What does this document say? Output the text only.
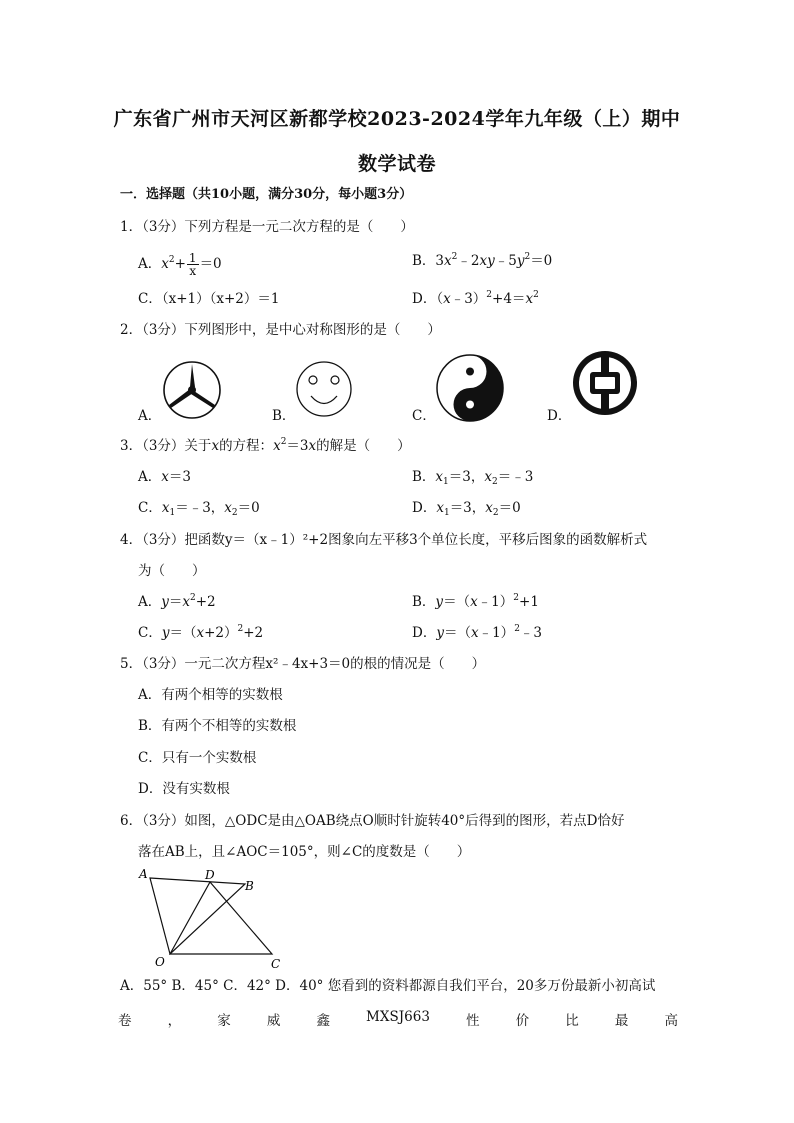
广东省广州市天河区新都学校2023-2024学年九年级（上）期中
数学试卷
一．选择题（共10小题，满分30分，每小题3分）
1．（3分）下列方程是一元二次方程的是（　　）
A．$x^2+ \frac{1}{x} =0$	B．$3x^2﹣2xy﹣5y^2=0$
C．（x+1）（x+2）＝1	D．$(x﹣3)^2+4=x^2$
2．（3分）下列图形中，是中心对称图形的是（　　）
A．	B．	C．	D．
3．（3分）关于x的方程：$x^2=3x$的解是（　　）
A．x＝3	B．$x_1=3$，$x_2=﹣3$
C．$x_1=﹣3$，$x_2=0$	D．$x_1=3$，$x_2=0$
4．（3分）把函数y＝（x﹣1）²+2图象向左平移3个单位长度，平移后图象的函数解析式
为（　　）
A．$y=x^2+2$	B．y＝（x﹣1）$^2$+1
C．$y=(x+2)^2+2$	D．y＝（x﹣1）$^2$﹣3
5．（3分）一元二次方程x²﹣4x+3＝0的根的情况是（　　）
A．有两个相等的实数根
B．有两个不相等的实数根
C．只有一个实数根
D．没有实数根
6．（3分）如图，△ODC是由△OAB绕点O顺时针旋转40°后得到的图形，若点D恰好
落在AB上，且∠AOC＝105°，则∠C的度数是（　　）
A	D
B
O	C
A．55° B．45° C．42° D．40° 您看到的资料都源自我们平台，20多万份最新小初高试
卷	，	家	威	鑫	MXSJ663	性	价	比	最	高
